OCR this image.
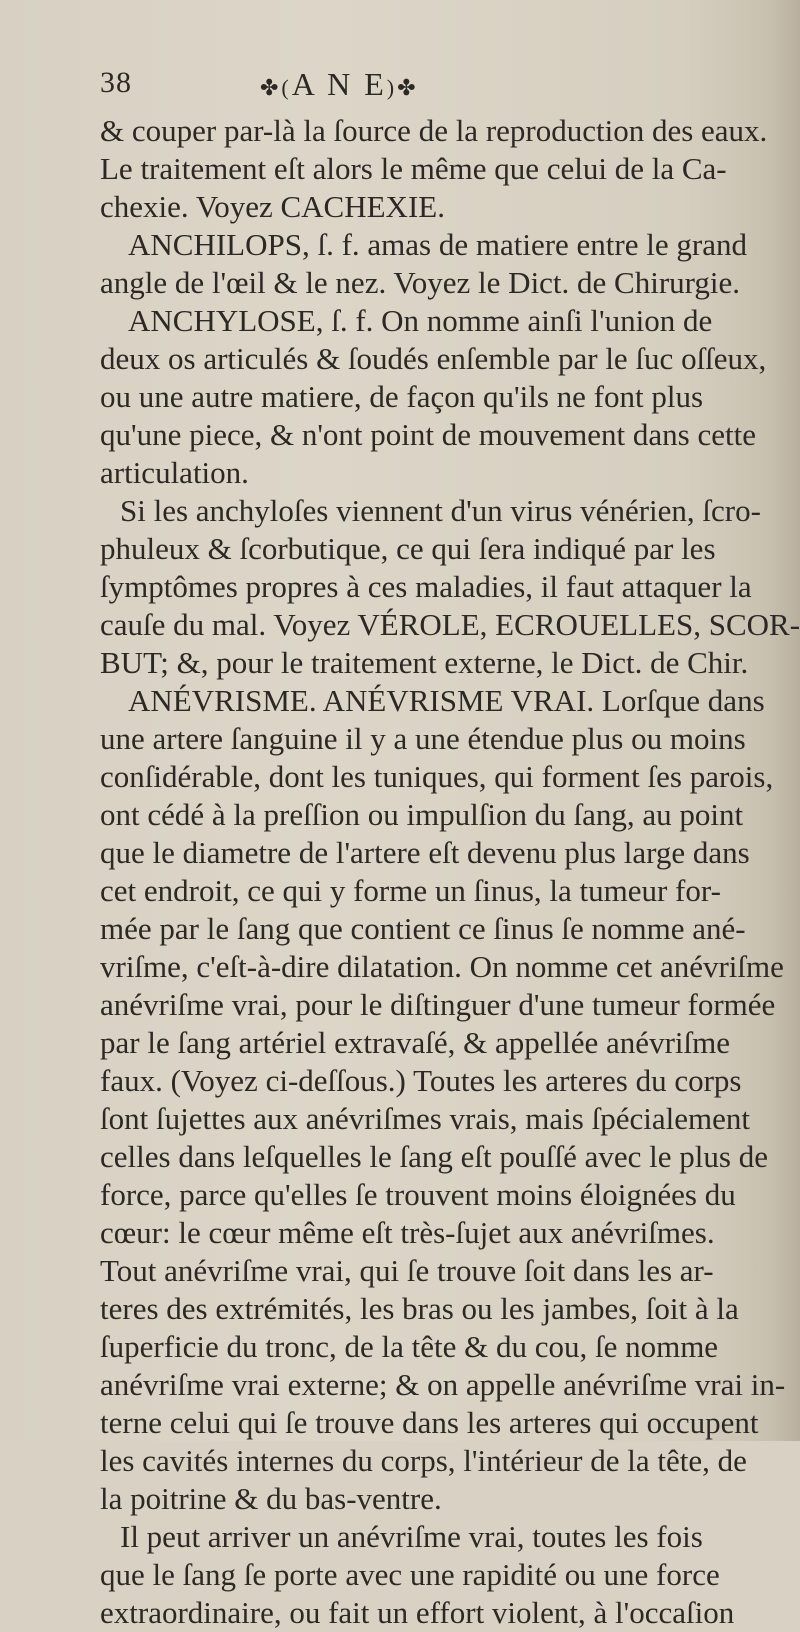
38	✤(A N E)✤
& couper par-là la ſource de la reproduction des eaux.
Le traitement eſt alors le même que celui de la Ca-
chexie. Voyez CACHEXIE.
ANCHILOPS, ſ. f. amas de matiere entre le grand
angle de l'œil & le nez. Voyez le Dict. de Chirurgie.
ANCHYLOSE, ſ. f. On nomme ainſi l'union de
deux os articulés & ſoudés enſemble par le ſuc oſſeux,
ou une autre matiere, de façon qu'ils ne font plus
qu'une piece, & n'ont point de mouvement dans cette
articulation.
Si les anchyloſes viennent d'un virus vénérien, ſcro-
phuleux & ſcorbutique, ce qui ſera indiqué par les
ſymptômes propres à ces maladies, il faut attaquer la
cauſe du mal. Voyez VÉROLE, ECROUELLES, SCOR-
BUT; &, pour le traitement externe, le Dict. de Chir.
ANÉVRISME. ANÉVRISME VRAI. Lorſque dans
une artere ſanguine il y a une étendue plus ou moins
conſidérable, dont les tuniques, qui forment ſes parois,
ont cédé à la preſſion ou impulſion du ſang, au point
que le diametre de l'artere eſt devenu plus large dans
cet endroit, ce qui y forme un ſinus, la tumeur for-
mée par le ſang que contient ce ſinus ſe nomme ané-
vriſme, c'eſt-à-dire dilatation. On nomme cet anévriſme
anévriſme vrai, pour le diſtinguer d'une tumeur formée
par le ſang artériel extravaſé, & appellée anévriſme
faux. (Voyez ci-deſſous.) Toutes les arteres du corps
ſont ſujettes aux anévriſmes vrais, mais ſpécialement
celles dans leſquelles le ſang eſt pouſſé avec le plus de
force, parce qu'elles ſe trouvent moins éloignées du
cœur: le cœur même eſt très-ſujet aux anévriſmes.
Tout anévriſme vrai, qui ſe trouve ſoit dans les ar-
teres des extrémités, les bras ou les jambes, ſoit à la
ſuperficie du tronc, de la tête & du cou, ſe nomme
anévriſme vrai externe; & on appelle anévriſme vrai in-
terne celui qui ſe trouve dans les arteres qui occupent
les cavités internes du corps, l'intérieur de la tête, de
la poitrine & du bas-ventre.
Il peut arriver un anévriſme vrai, toutes les fois
que le ſang ſe porte avec une rapidité ou une force
extraordinaire, ou fait un effort violent, à l'occaſion
